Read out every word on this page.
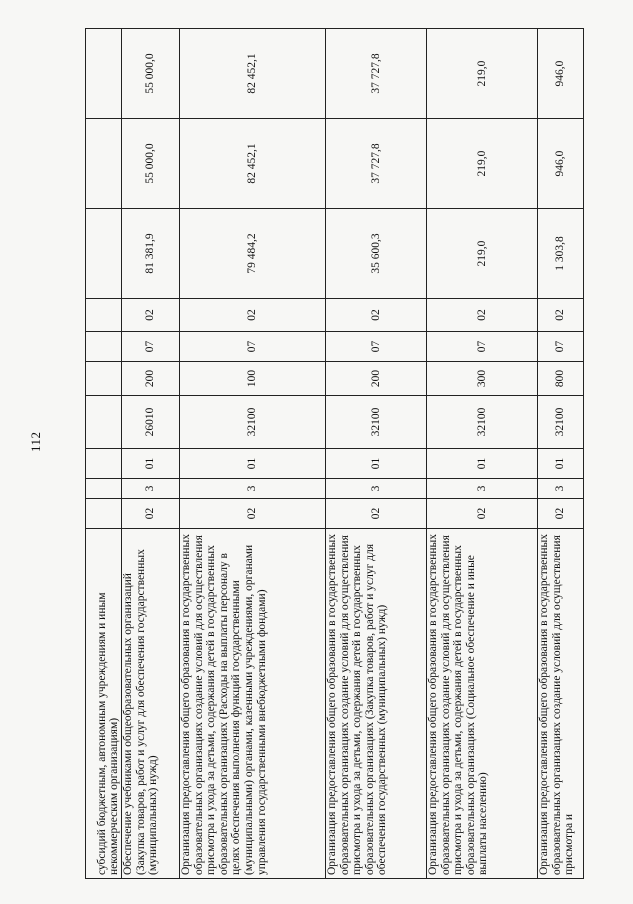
112
субсидий бюджетным, автономным учреждениям и иным некоммерческим организациям)										
Обеспечение учебниками общеобразовательных организаций (Закупка товаров, работ и услуг для обеспечения государственных (муниципальных) нужд)	02	3	01	26010	200	07	02	81 381,9	55 000,0	55 000,0
Организация предоставления общего образования в государственных образовательных организациях создание условий для осуществления присмотра и ухода за детьми, содержания детей в государственных образовательных организациях (Расходы на выплаты персоналу в целях обеспечения выполнения функций государственными (муниципальными) органами, казенными учреждениями, органами управления государственными внебюджетными фондами)	02	3	01	32100	100	07	02	79 484,2	82 452,1	82 452,1
Организация предоставления общего образования в государственных образовательных организациях создание условий для осуществления присмотра и ухода за детьми, содержания детей в государственных образовательных организациях (Закупка товаров, работ и услуг для обеспечения государственных (муниципальных) нужд)	02	3	01	32100	200	07	02	35 600,3	37 727,8	37 727,8
Организация предоставления общего образования в государственных образовательных организациях создание условий для осуществления присмотра и ухода за детьми, содержания детей в государственных образовательных организациях (Социальное обеспечение и иные выплаты населению)	02	3	01	32100	300	07	02	219,0	219,0	219,0
Организация предоставления общего образования в государственных образовательных организациях создание условий для осуществления присмотра и	02	3	01	32100	800	07	02	1 303,8	946,0	946,0
